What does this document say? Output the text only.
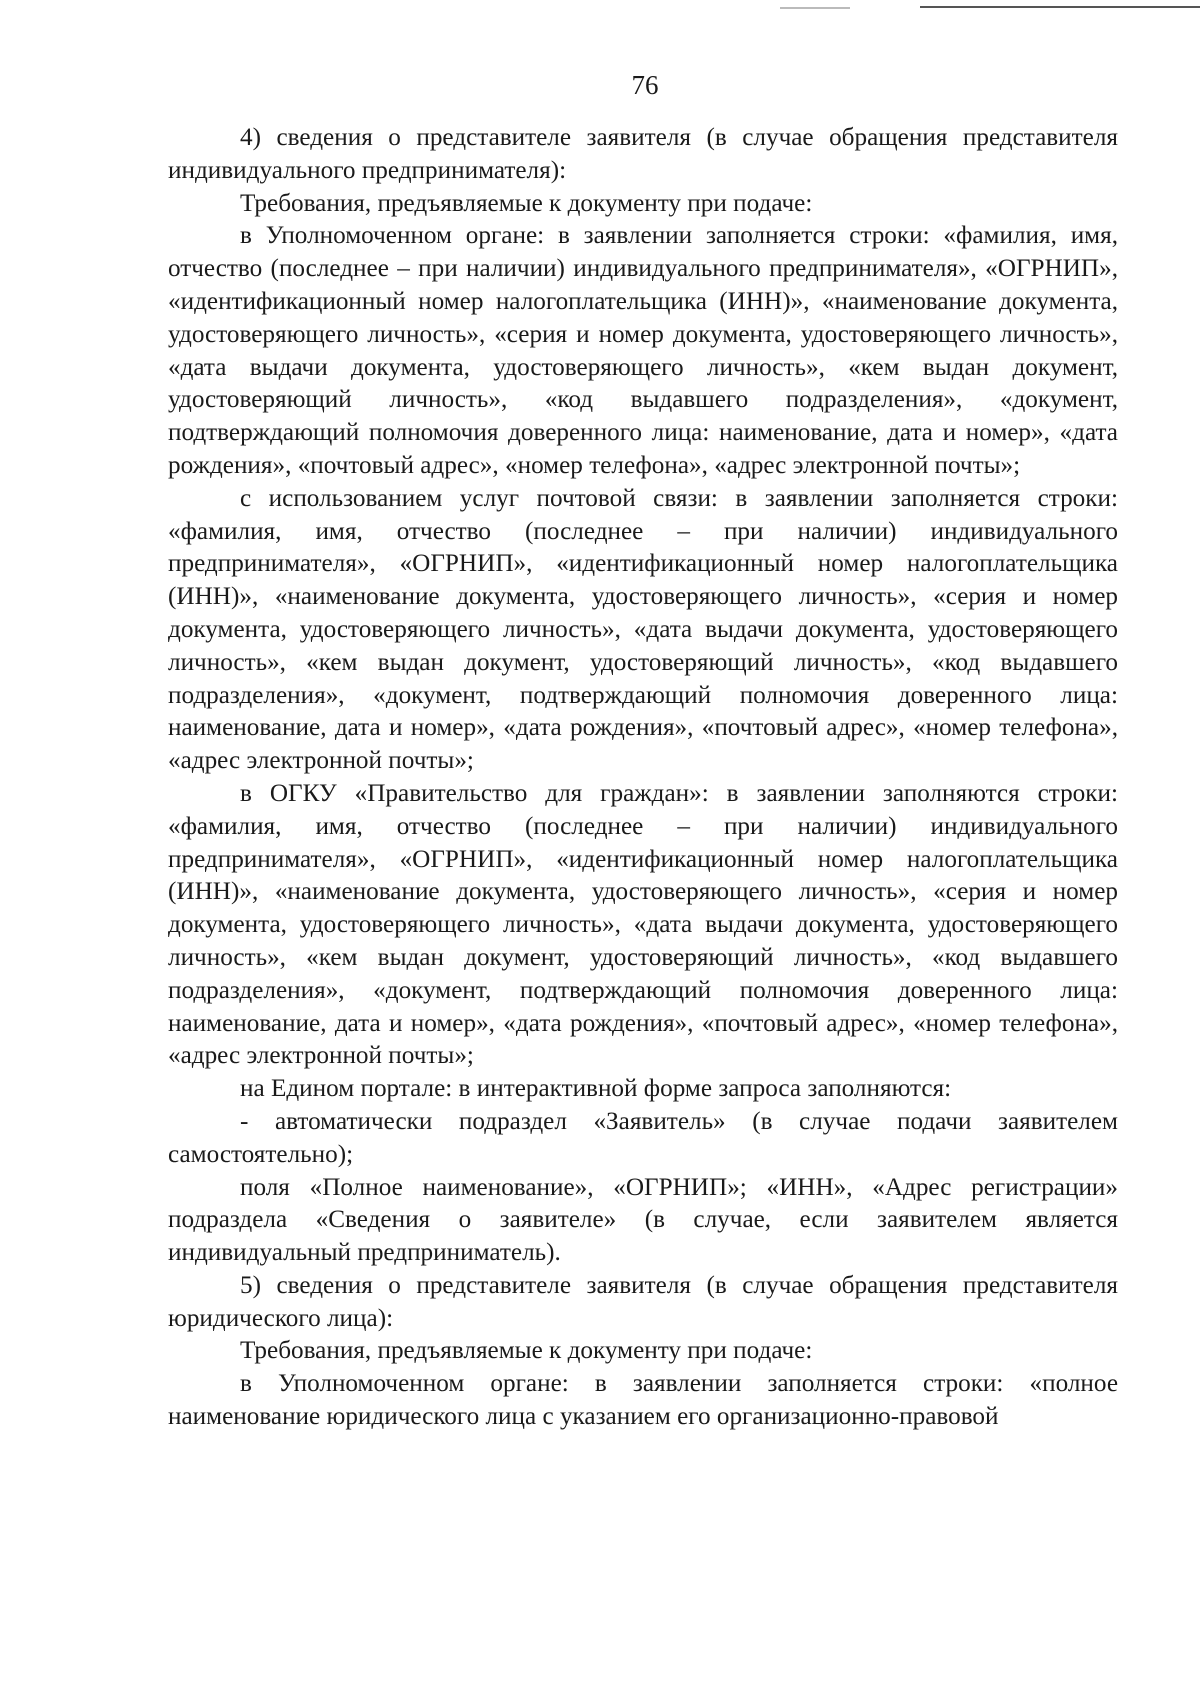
76

4) сведения о представителе заявителя (в случае обращения представителя индивидуального предпринимателя):

Требования, предъявляемые к документу при подаче:

в Уполномоченном органе: в заявлении заполняется строки: «фамилия, имя, отчество (последнее – при наличии) индивидуального предпринимателя», «ОГРНИП», «идентификационный номер налогоплательщика (ИНН)», «наименование документа, удостоверяющего личность», «серия и номер документа, удостоверяющего личность», «дата выдачи документа, удостоверяющего личность», «кем выдан документ, удостоверяющий личность», «код выдавшего подразделения», «документ, подтверждающий полномочия доверенного лица: наименование, дата и номер», «дата рождения», «почтовый адрес», «номер телефона», «адрес электронной почты»;

с использованием услуг почтовой связи: в заявлении заполняется строки: «фамилия, имя, отчество (последнее – при наличии) индивидуального предпринимателя», «ОГРНИП», «идентификационный номер налогоплательщика (ИНН)», «наименование документа, удостоверяющего личность», «серия и номер документа, удостоверяющего личность», «дата выдачи документа, удостоверяющего личность», «кем выдан документ, удостоверяющий личность», «код выдавшего подразделения», «документ, подтверждающий полномочия доверенного лица: наименование, дата и номер», «дата рождения», «почтовый адрес», «номер телефона», «адрес электронной почты»;

в ОГКУ «Правительство для граждан»: в заявлении заполняются строки: «фамилия, имя, отчество (последнее – при наличии) индивидуального предпринимателя», «ОГРНИП», «идентификационный номер налогоплательщика (ИНН)», «наименование документа, удостоверяющего личность», «серия и номер документа, удостоверяющего личность», «дата выдачи документа, удостоверяющего личность», «кем выдан документ, удостоверяющий личность», «код выдавшего подразделения», «документ, подтверждающий полномочия доверенного лица: наименование, дата и номер», «дата рождения», «почтовый адрес», «номер телефона», «адрес электронной почты»;

на Едином портале: в интерактивной форме запроса заполняются:

- автоматически подраздел «Заявитель» (в случае подачи заявителем самостоятельно);

поля «Полное наименование», «ОГРНИП»; «ИНН», «Адрес регистрации» подраздела «Сведения о заявителе» (в случае, если заявителем является индивидуальный предприниматель).

5) сведения о представителе заявителя (в случае обращения представителя юридического лица):

Требования, предъявляемые к документу при подаче:

в Уполномоченном органе: в заявлении заполняется строки: «полное наименование юридического лица с указанием его организационно-правовой
